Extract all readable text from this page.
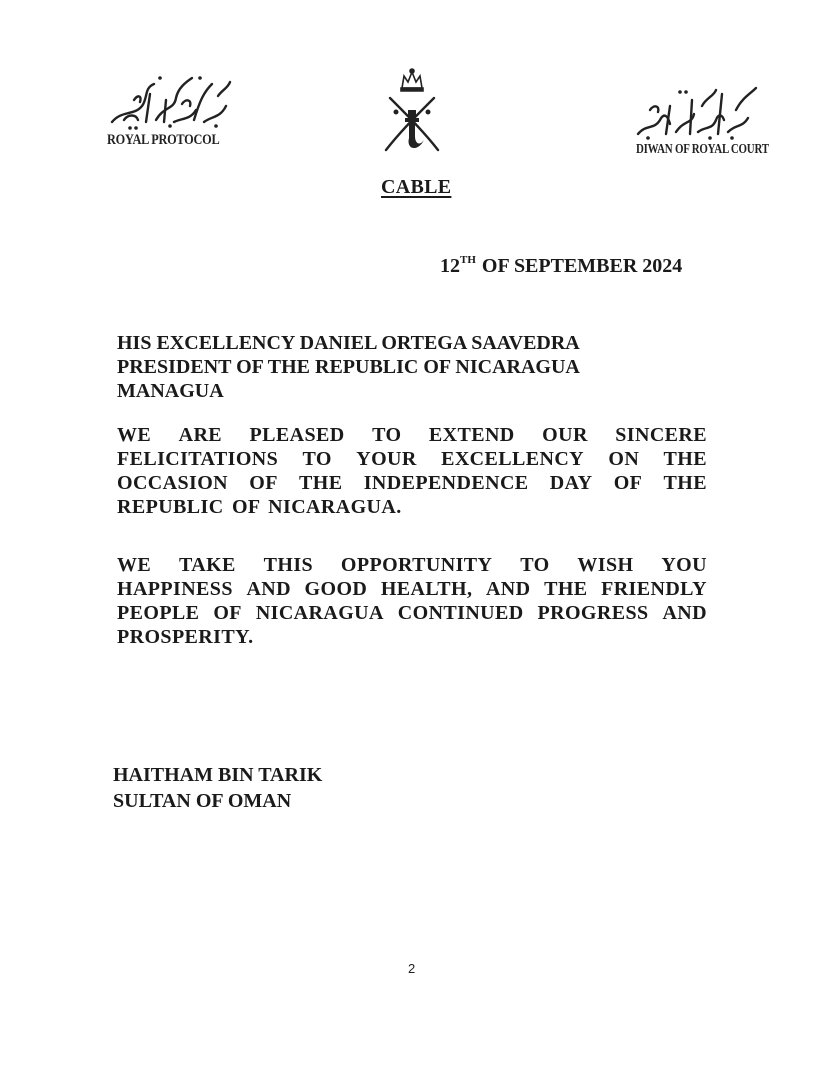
ROYAL PROTOCOL
DIWAN OF ROYAL COURT
CABLE
12TH OF SEPTEMBER 2024
HIS EXCELLENCY DANIEL ORTEGA SAAVEDRA
PRESIDENT OF THE REPUBLIC OF NICARAGUA
MANAGUA
WE ARE PLEASED TO EXTEND OUR SINCERE
FELICITATIONS TO YOUR EXCELLENCY ON THE
OCCASION OF THE INDEPENDENCE DAY OF THE
REPUBLIC OF NICARAGUA.
WE TAKE THIS OPPORTUNITY TO WISH YOU
HAPPINESS AND GOOD HEALTH, AND THE FRIENDLY
PEOPLE OF NICARAGUA CONTINUED PROGRESS AND
PROSPERITY.
HAITHAM BIN TARIK
SULTAN OF OMAN
2
